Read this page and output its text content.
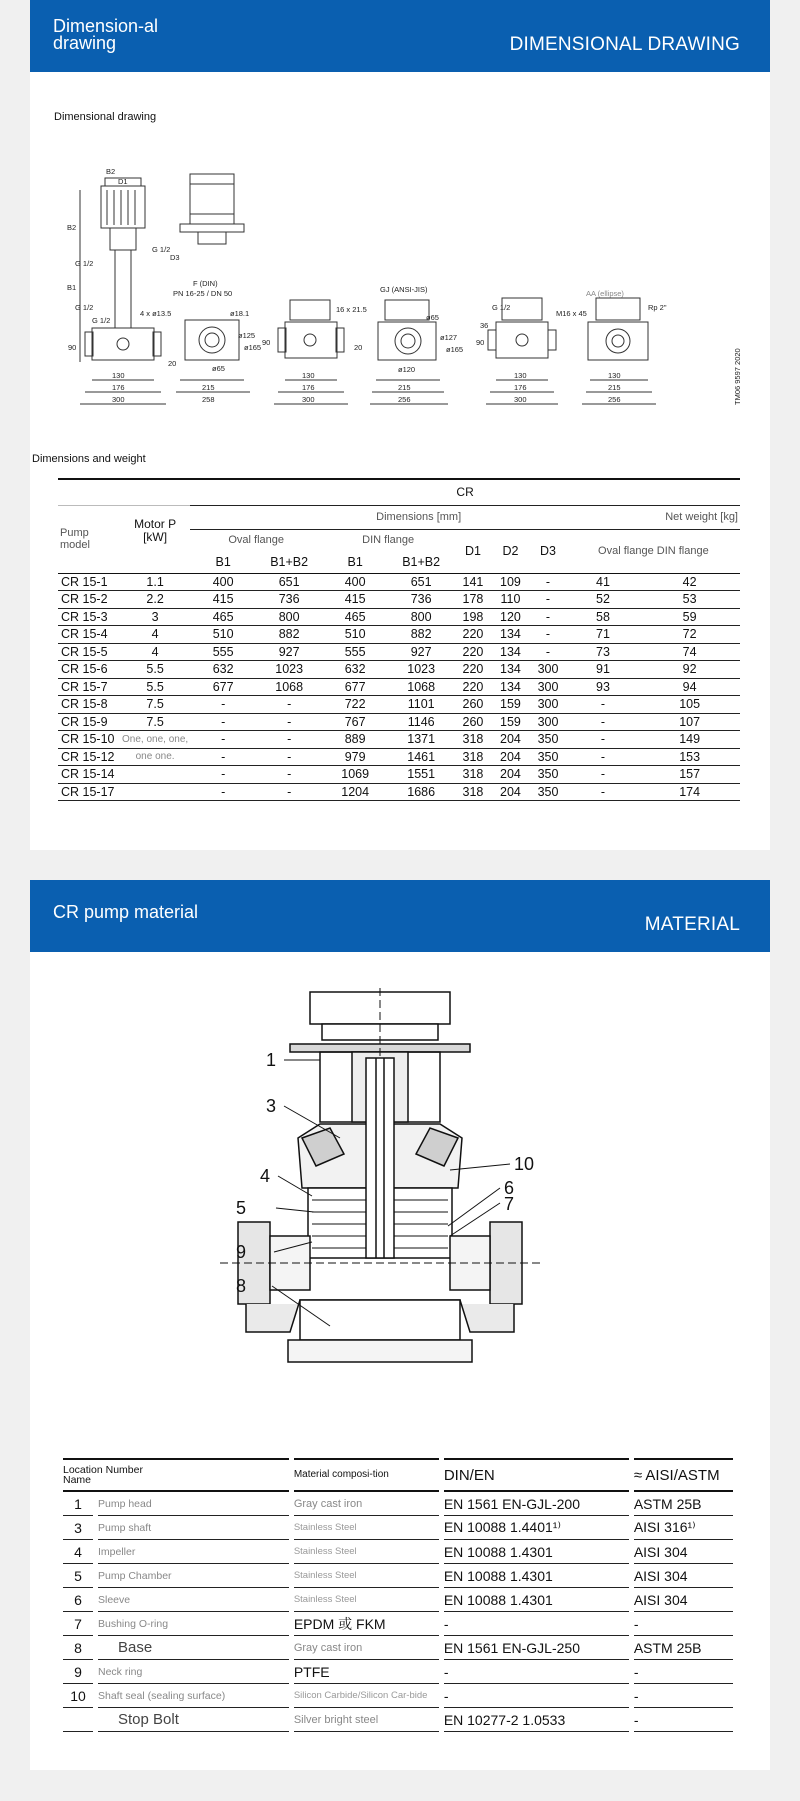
Dimension-al drawing	DIMENSIONAL DRAWING
Dimensional drawing
B2
D1
B2
G 1/2
G 1/2
D3
G 1/2
B1
G 1/2
90
130
176
300
F (DIN)
PN 16-25 / DN 50
4 x ø13.5	ø18.1
ø125
ø165
20
ø65
215
258
GJ (ANSI-JIS)
16 x 21.5
ø65
90
20
130
176
300
ø127
ø165
ø120
215
256
AA (ellipse)
G 1/2
36
M16 x 45
Rp 2"
90
130
176
300
130
215
256	TM06 9597 2020
Dimensions and weight
		CR								
Pump model	Motor P [kW]	Dimensions [mm]							Net weight [kg]	
		Oval flange		DIN flange		D1	D2	D3	Oval flange DIN flange	
		B1	B1+B2	B1	B1+B2					
CR 15-1	1.1	400	651	400	651	141	109	-	41	42
CR 15-2	2.2	415	736	415	736	178	110	-	52	53
CR 15-3	3	465	800	465	800	198	120	-	58	59
CR 15-4	4	510	882	510	882	220	134	-	71	72
CR 15-5	4	555	927	555	927	220	134	-	73	74
CR 15-6	5.5	632	1023	632	1023	220	134	300	91	92
CR 15-7	5.5	677	1068	677	1068	220	134	300	93	94
CR 15-8	7.5	-	-	722	1101	260	159	300	-	105
CR 15-9	7.5	-	-	767	1146	260	159	300	-	107
CR 15-10	One, one, one,	-	-	889	1371	318	204	350	-	149
CR 15-12	one one.	-	-	979	1461	318	204	350	-	153
CR 15-14		-	-	1069	1551	318	204	350	-	157
CR 15-17		-	-	1204	1686	318	204	350	-	174
CR pump material
MATERIAL
1
3
10
4
6
7
5
9
8
Location Number
Name		Material composi-tion	DIN/EN	≈ AISI/ASTM
1	Pump head	Gray cast iron	EN 1561 EN-GJL-200	ASTM 25B
3	Pump shaft	Stainless Steel	EN 10088 1.4401¹⁾	AISI 316¹⁾
4	Impeller	Stainless Steel	EN 10088 1.4301	AISI 304
5	Pump Chamber	Stainless Steel	EN 10088 1.4301	AISI 304
6	Sleeve	Stainless Steel	EN 10088 1.4301	AISI 304
7	Bushing O-ring	EPDM 或 FKM	-	-
8	Base	Gray cast iron	EN 1561 EN-GJL-250	ASTM 25B
9	Neck ring	PTFE	-	-
10	Shaft seal (sealing surface)	Silicon Carbide/Silicon Car-bide	-	-
	Stop Bolt	Silver bright steel	EN 10277-2 1.0533	-
